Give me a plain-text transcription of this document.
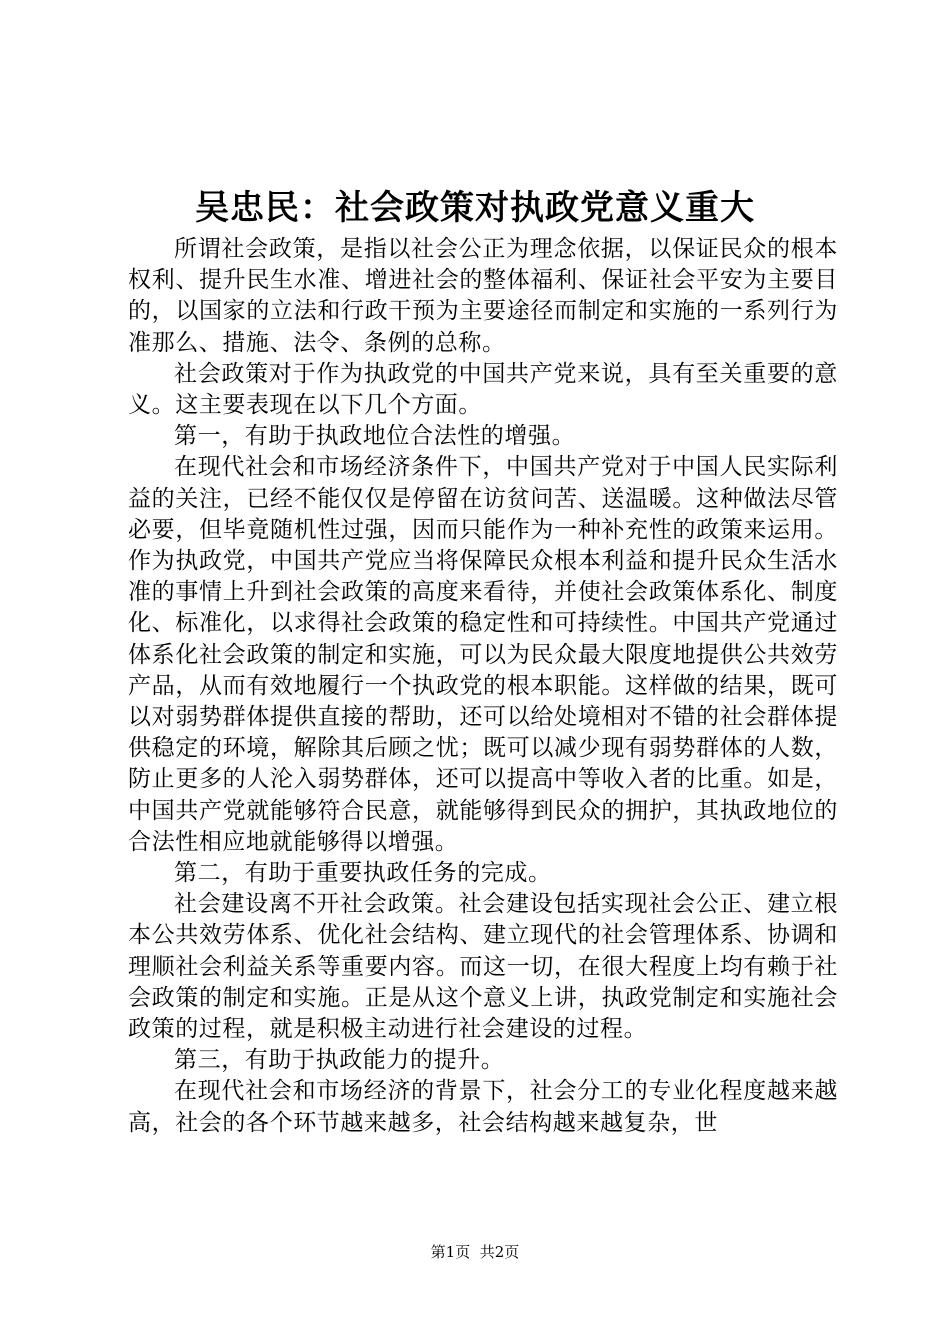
吴忠民：社会政策对执政党意义重大

所谓社会政策，是指以社会公正为理念依据，以保证民众的根本权利、提升民生水准、增进社会的整体福利、保证社会平安为主要目的，以国家的立法和行政干预为主要途径而制定和实施的一系列行为准那么、措施、法令、条例的总称。

社会政策对于作为执政党的中国共产党来说，具有至关重要的意义。这主要表现在以下几个方面。

第一，有助于执政地位合法性的增强。

在现代社会和市场经济条件下，中国共产党对于中国人民实际利益的关注，已经不能仅仅是停留在访贫问苦、送温暖。这种做法尽管必要，但毕竟随机性过强，因而只能作为一种补充性的政策来运用。作为执政党，中国共产党应当将保障民众根本利益和提升民众生活水准的事情上升到社会政策的高度来看待，并使社会政策体系化、制度化、标准化，以求得社会政策的稳定性和可持续性。中国共产党通过体系化社会政策的制定和实施，可以为民众最大限度地提供公共效劳产品，从而有效地履行一个执政党的根本职能。这样做的结果，既可以对弱势群体提供直接的帮助，还可以给处境相对不错的社会群体提供稳定的环境，解除其后顾之忧；既可以减少现有弱势群体的人数，防止更多的人沦入弱势群体，还可以提高中等收入者的比重。如是，中国共产党就能够符合民意，就能够得到民众的拥护，其执政地位的合法性相应地就能够得以增强。

第二，有助于重要执政任务的完成。

社会建设离不开社会政策。社会建设包括实现社会公正、建立根本公共效劳体系、优化社会结构、建立现代的社会管理体系、协调和理顺社会利益关系等重要内容。而这一切，在很大程度上均有赖于社会政策的制定和实施。正是从这个意义上讲，执政党制定和实施社会政策的过程，就是积极主动进行社会建设的过程。

第三，有助于执政能力的提升。

在现代社会和市场经济的背景下，社会分工的专业化程度越来越高，社会的各个环节越来越多，社会结构越来越复杂，世

第1页 共2页
